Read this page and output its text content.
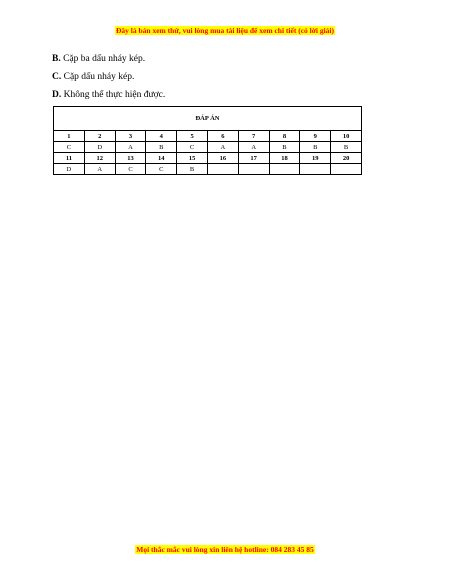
Đây là bản xem thử, vui lòng mua tài liệu để xem chi tiết (có lời giải)
B. Cặp ba dấu nháy kép.
C. Cặp dấu nháy kép.
D. Không thể thực hiện được.
ĐÁP ÁN									
1	2	3	4	5	6	7	8	9	10
C	D	A	B	C	A	A	B	B	B
11	12	13	14	15	16	17	18	19	20
D	A	C	C	B					
Mọi thắc mắc vui lòng xin liên hệ hotline: 084 283 45 85
